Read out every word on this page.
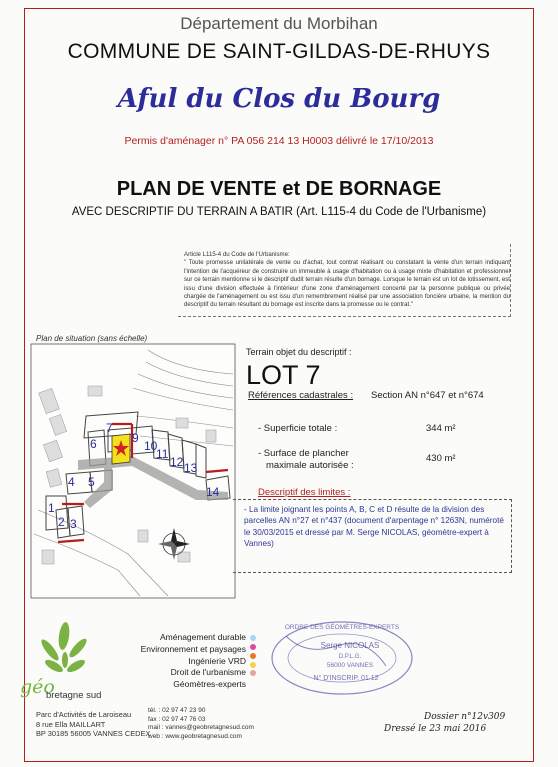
Département du Morbihan
COMMUNE DE SAINT-GILDAS-DE-RHUYS
Aful du Clos du Bourg
Permis d'aménager n° PA 056 214 13 H0003 délivré le 17/10/2013
PLAN DE VENTE et DE BORNAGE
AVEC DESCRIPTIF DU TERRAIN A BATIR (Art. L115-4 du Code de l'Urbanisme)
Article L115-4 du Code de l'Urbanisme:
" Toute promesse unilatérale de vente ou d'achat, tout contrat réalisant ou constatant la vente d'un terrain indiquant l'intention de l'acquéreur de construire un immeuble à usage d'habitation ou à usage mixte d'habitation et professionnel sur ce terrain mentionne si le descriptif dudit terrain résulte d'un bornage. Lorsque le terrain est un lot de lotissement, est issu d'une division effectuée à l'intérieur d'une zone d'aménagement concerté par la personne publique ou privée chargée de l'aménagement ou est issu d'un remembrement réalisé par une association foncière urbaine, la mention du descriptif du terrain résultant du bornage est inscrite dans la promesse ou le contrat."
Plan de situation (sans échelle)
1
2 3
4 5
6
7
9
10
11
12 13
14
Terrain objet du descriptif :
LOT 7
Références cadastrales : Section AN n°647 et n°674
- Superficie totale :	344 m²
- Surface de plancher
maximale autorisée :
430 m²
Descriptif des limites :
- La limite joignant les points A, B, C et D résulte de la division des parcelles AN n°27 et n°437 (document d'arpentage n° 1263N, numéroté le 30/03/2015 et dressé par M. Serge NICOLAS, géomètre-expert à Vannes)
géo
bretagne sud
Aménagement durable
Environnement et paysages
Ingénierie VRD
Droit de l'urbanisme
Géomètres-experts
Parc d'Activités de Laroiseau
8 rue Ella MAILLART
BP 30185 56005 VANNES CEDEX
tél. : 02 97 47 23 90
fax : 02 97 47 76 03
mail : vannes@geobretagnesud.com
web : www.geobretagnesud.com
ORDRE DES GÉOMÈTRES-EXPERTS
Serge NICOLAS
D.P.L.G.
56000 VANNES
N° D'INSCRIP. 01.12
Dossier n°12v309
Dressé le 23 mai 2016
